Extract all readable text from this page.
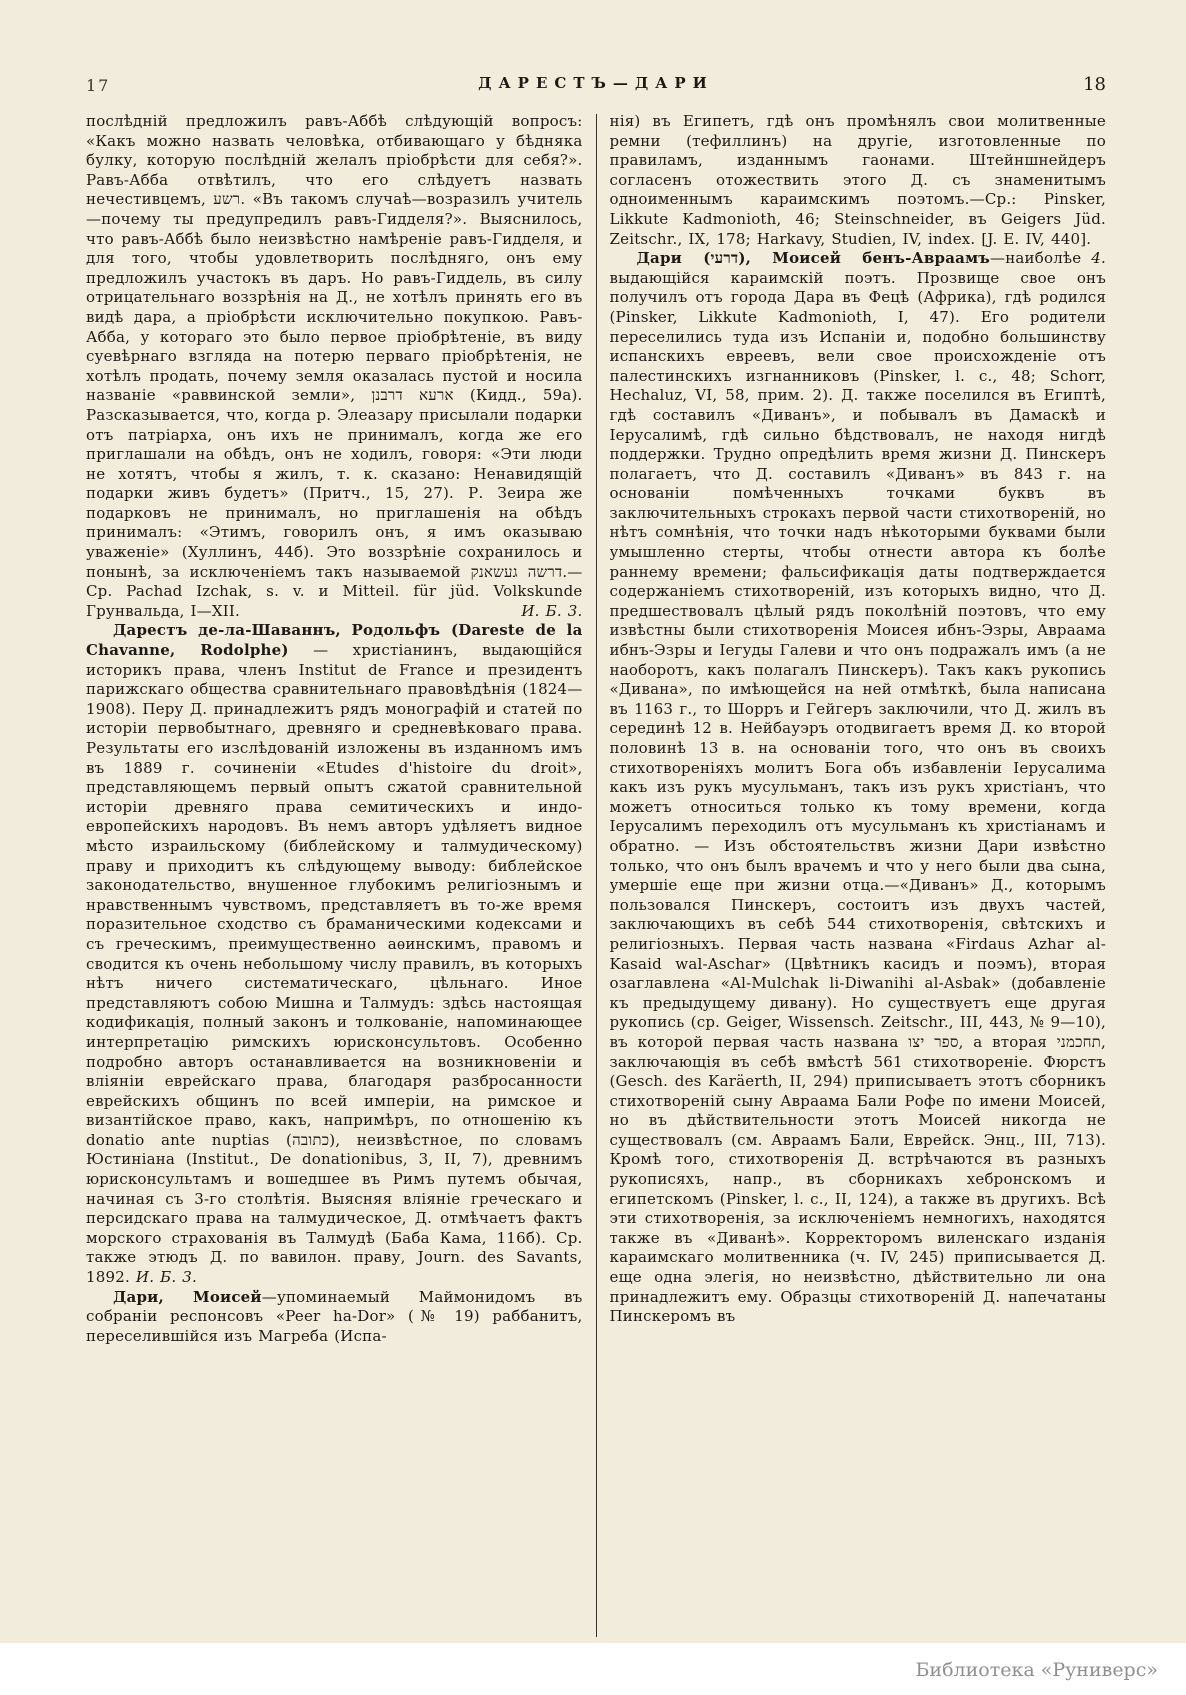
17	ДАРЕСТЪ—ДАРИ	18

послѣдній предложилъ равъ-Аббѣ слѣдующій вопросъ: «Какъ можно назвать человѣка, отбивающаго у бѣдняка булку, которую послѣдній желалъ пріобрѣсти для себя?». Равъ-Абба отвѣтилъ, что его слѣдуетъ назвать нечестивцемъ, רשע. «Въ такомъ случаѣ—возразилъ учитель—почему ты предупредилъ равъ-Гидделя?». Выяснилось, что равъ-Аббѣ было неизвѣстно намѣреніе равъ-Гидделя, и для того, чтобы удовлетворить послѣдняго, онъ ему предложилъ участокъ въ даръ. Но равъ-Гиддель, въ силу отрицательнаго воззрѣнія на Д., не хотѣлъ принять его въ видѣ дара, а пріобрѣсти исключительно покупкою. Равъ-Абба, у котораго это было первое пріобрѣтеніе, въ виду суевѣрнаго взгляда на потерю перваго пріобрѣтенія, не хотѣлъ продать, почему земля оказалась пустой и носила названіе «раввинской земли», ארעא דרבנן (Кидд., 59а). Разсказывается, что, когда р. Элеазару присылали подарки отъ патріарха, онъ ихъ не принималъ, когда же его приглашали на обѣдъ, онъ не ходилъ, говоря: «Эти люди не хотятъ, чтобы я жилъ, т. к. сказано: Ненавидящій подарки живъ будетъ» (Притч., 15, 27). Р. Зеира же подарковъ не принималъ, но приглашенія на обѣдъ принималъ: «Этимъ, говорилъ онъ, я имъ оказываю уваженіе» (Хуллинъ, 44б). Это воззрѣніе сохранилось и понынѣ, за исключеніемъ такъ называемой דרשה געשאנק.—Ср. Pachad Izchak, s. v. и Mitteil. für jüd. Volkskunde Грунвальда, I—XII.	И. Б. 3.

Дарестъ де-ла-Шаваннъ, Родольфъ (Dareste de la Chavanne, Rodolphe) — христіанинъ, выдающійся историкъ права, членъ Institut de France и президентъ парижскаго общества сравнительнаго правовѣдѣнія (1824—1908). Перу Д. принадлежитъ рядъ монографій и статей по исторіи первобытнаго, древняго и средневѣковаго права. Результаты его изслѣдованій изложены въ изданномъ имъ въ 1889 г. сочиненіи «Etudes d'histoire du droit», представляющемъ первый опытъ сжатой сравнительной исторіи древняго права семитическихъ и индо-европейскихъ народовъ. Въ немъ авторъ удѣляетъ видное мѣсто израильскому (библейскому и талмудическому) праву и приходитъ къ слѣдующему выводу: библейское законодательство, внушенное глубокимъ религіознымъ и нравственнымъ чувствомъ, представляетъ въ то-же время поразительное сходство съ браманическими кодексами и съ греческимъ, преимущественно аѳинскимъ, правомъ и сводится къ очень небольшому числу правилъ, въ которыхъ нѣтъ ничего систематическаго, цѣльнаго. Иное представляютъ собою Мишна и Талмудъ: здѣсь настоящая кодификація, полный законъ и толкованіе, напоминающее интерпретацію римскихъ юрисконсультовъ. Особенно подробно авторъ останавливается на возникновеніи и вліяніи еврейскаго права, благодаря разбросанности еврейскихъ общинъ по всей имперіи, на римское и византійское право, какъ, напримѣръ, по отношенію къ donatio ante nuptias (כתובה), неизвѣстное, по словамъ Юстиніана (Institut., De donationibus, 3, II, 7), древнимъ юрисконсультамъ и вошедшее въ Римъ путемъ обычая, начиная съ 3-го столѣтія. Выясняя вліяніе греческаго и персидскаго права на талмудическое, Д. отмѣчаетъ фактъ морского страхованія въ Талмудѣ (Баба Кама, 116б). Ср. также этюдъ Д. по вавилон. праву, Journ. des Savants, 1892. И. Б. 3.

Дари, Моисей—упоминаемый Маймонидомъ въ собраніи респонсовъ «Peer ha-Dor» (№ 19) раббанитъ, переселившійся изъ Магреба (Испа-

нія) въ Египетъ, гдѣ онъ промѣнялъ свои молитвенные ремни (тефиллинъ) на другіе, изготовленные по правиламъ, изданнымъ гаонами. Штейншнейдеръ согласенъ отожествить этого Д. съ знаменитымъ одноименнымъ караимскимъ поэтомъ.—Ср.: Pinsker, Likkute Kadmonioth, 46; Steinschneider, въ Geigers Jüd. Zeitschr., IX, 178; Harkavy, Studien, IV, index. [J. E. IV, 440].
4.

Дари (דרעי), Моисей бенъ-Авраамъ—наиболѣе выдающійся караимскій поэтъ. Прозвище свое онъ получилъ отъ города Дара въ Фецѣ (Африка), гдѣ родился (Pinsker, Likkute Kadmonioth, I, 47). Его родители переселились туда изъ Испаніи и, подобно большинству испанскихъ евреевъ, вели свое происхожденіе отъ палестинскихъ изгнанниковъ (Pinsker, l. c., 48; Schorr, Hechaluz, VI, 58, прим. 2). Д. также поселился въ Египтѣ, гдѣ составилъ «Диванъ», и побывалъ въ Дамаскѣ и Іерусалимѣ, гдѣ сильно бѣдствовалъ, не находя нигдѣ поддержки. Трудно опредѣлить время жизни Д. Пинскеръ полагаетъ, что Д. составилъ «Диванъ» въ 843 г. на основаніи помѣченныхъ точками буквъ въ заключительныхъ строкахъ первой части стихотвореній, но нѣтъ сомнѣнія, что точки надъ нѣкоторыми буквами были умышленно стерты, чтобы отнести автора къ болѣе раннему времени; фальсификація даты подтверждается содержаніемъ стихотвореній, изъ которыхъ видно, что Д. предшествовалъ цѣлый рядъ поколѣній поэтовъ, что ему извѣстны были стихотворенія Моисея ибнъ-Эзры, Авраама ибнъ-Эзры и Іегуды Галеви и что онъ подражалъ имъ (а не наоборотъ, какъ полагалъ Пинскеръ). Такъ какъ рукопись «Дивана», по имѣющейся на ней отмѣткѣ, была написана въ 1163 г., то Шорръ и Гейгеръ заключили, что Д. жилъ въ серединѣ 12 в. Нейбауэръ отодвигаетъ время Д. ко второй половинѣ 13 в. на основаніи того, что онъ въ своихъ стихотвореніяхъ молитъ Бога объ избавленіи Іерусалима какъ изъ рукъ мусульманъ, такъ изъ рукъ христіанъ, что можетъ относиться только къ тому времени, когда Іерусалимъ переходилъ отъ мусульманъ къ христіанамъ и обратно. — Изъ обстоятельствъ жизни Дари извѣстно только, что онъ былъ врачемъ и что у него были два сына, умершіе еще при жизни отца.—«Диванъ» Д., которымъ пользовался Пинскеръ, состоитъ изъ двухъ частей, заключающихъ въ себѣ 544 стихотворенія, свѣтскихъ и религіозныхъ. Первая часть названа «Firdaus Azhar al-Kasaid wal-Aschar» (Цвѣтникъ касидъ и поэмъ), вторая озаглавлена «Al-Mulchak li-Diwanihi al-Asbak» (добавленіе къ предыдущему дивану). Но существуетъ еще другая рукопись (ср. Geiger, Wissensch. Zeitschr., III, 443, № 9—10), въ которой первая часть названа ספר יצו, а вторая תחכמני, заключающія въ себѣ вмѣстѣ 561 стихотвореніе. Фюрстъ (Gesch. des Karäerth, II, 294) приписываетъ этотъ сборникъ стихотвореній сыну Авраама Бали Рофе по имени Моисей, но въ дѣйствительности этотъ Моисей никогда не существовалъ (см. Авраамъ Бали, Еврейск. Энц., III, 713). Кромѣ того, стихотворенія Д. встрѣчаются въ разныхъ рукописяхъ, напр., въ сборникахъ хебронскомъ и египетскомъ (Pinsker, l. c., II, 124), а также въ другихъ. Всѣ эти стихотворенія, за исключеніемъ немногихъ, находятся также въ «Диванѣ». Корректоромъ виленскаго изданія караимскаго молитвенника (ч. IV, 245) приписывается Д. еще одна элегія, но неизвѣстно, дѣйствительно ли она принадлежитъ ему. Образцы стихотвореній Д. напечатаны Пинскеромъ въ

Библиотека «Руниверс»
